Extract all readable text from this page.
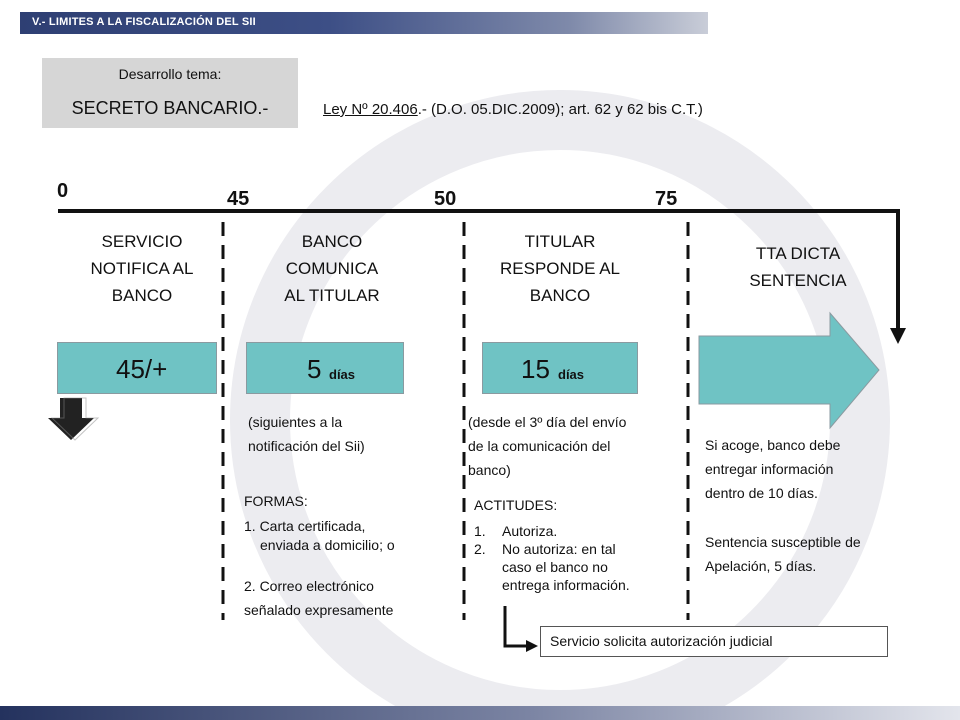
V.- LIMITES A LA FISCALIZACIÓN DEL SII
Desarrollo tema:
SECRETO BANCARIO.-	Ley Nº 20.406.- (D.O. 05.DIC.2009); art. 62 y 62 bis C.T.)
0	45	50	75
SERVICIO
NOTIFICA AL
BANCO
BANCO
COMUNICA
AL TITULAR
TITULAR
RESPONDE AL
BANCO
TTA DICTA
SENTENCIA
45/+	5 días	15 días
(siguientes a la
notificación del Sii)
(desde el 3º día del envío
de la comunicación del
banco)
Si acoge, banco debe
entregar información
dentro de 10 días.
Sentencia susceptible de
Apelación, 5 días.
FORMAS:
1. Carta certificada,
enviada a domicilio; o
2. Correo electrónico
señalado expresamente
ACTITUDES:
1. Autoriza.
2. No autoriza: en tal
caso el banco no
entrega información.
Servicio solicita autorización judicial
